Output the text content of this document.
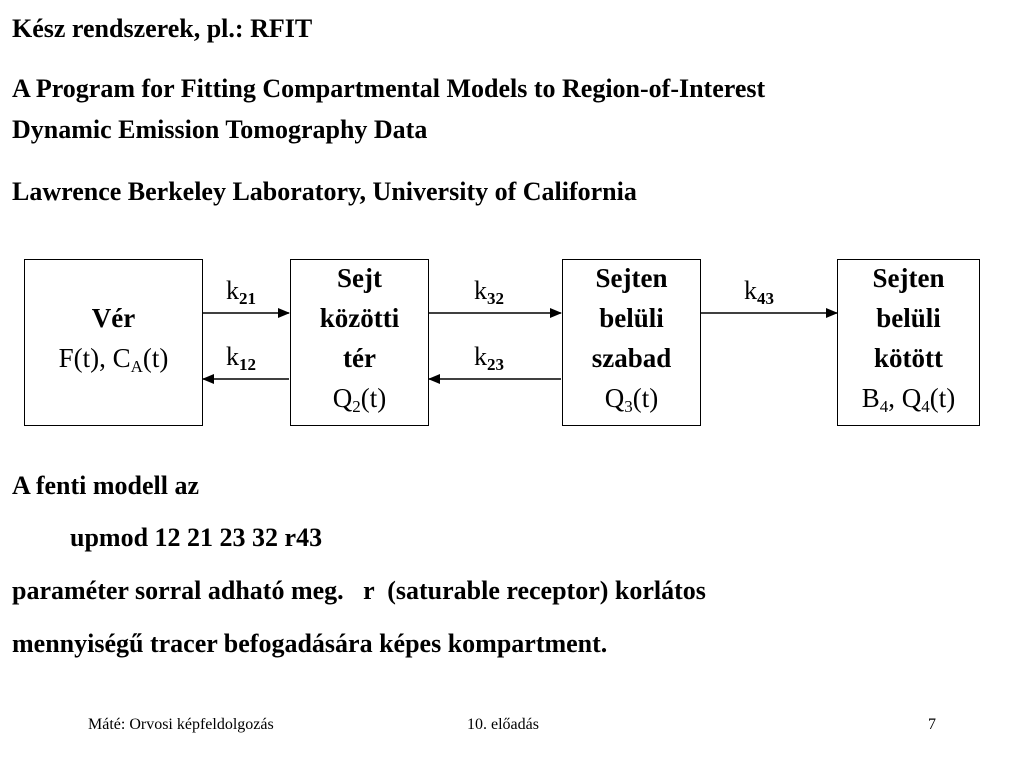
Kész rendszerek, pl.: RFIT
A Program for Fitting Compartmental Models to Region-of-Interest
Dynamic Emission Tomography Data
Lawrence Berkeley Laboratory, University of California
Vér
F(t), $C_A(t)$
Sejt
közötti
tér
$Q_2(t)$
Sejten
belüli
szabad
$Q_3(t)$
Sejten
belüli
kötött
$B_4$, $Q_4(t)$
$k_{21}$
$k_{12}$
$k_{32}$
$k_{23}$
$k_{43}$
A fenti modell az
upmod 12 21 23 32 r43
paraméter sorral adható meg.   r  (saturable receptor) korlátos
mennyiségű tracer befogadására képes kompartment.
Máté: Orvosi képfeldolgozás	10. előadás	7
